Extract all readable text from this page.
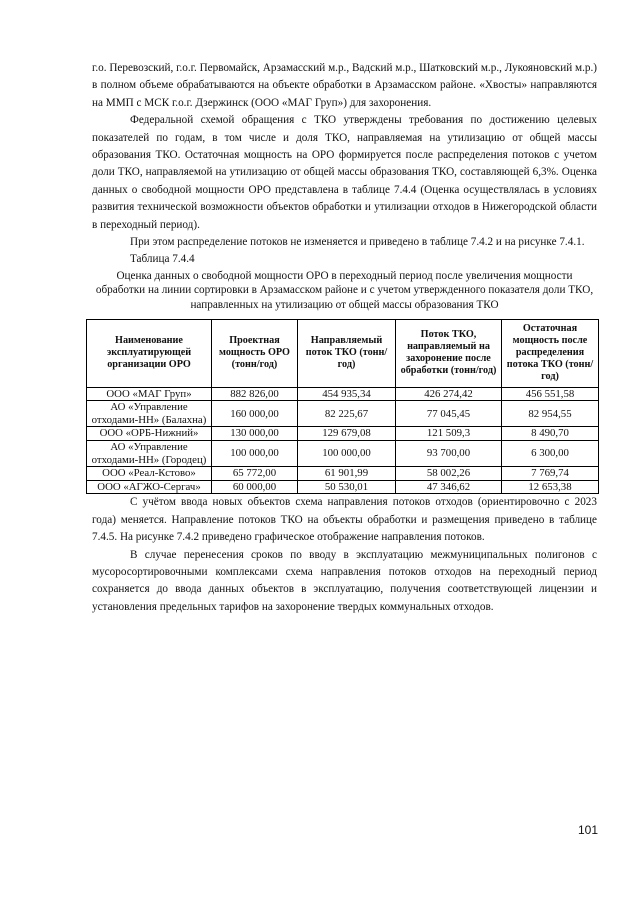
г.о. Перевозский, г.о.г. Первомайск, Арзамасский м.р., Вадский м.р., Шатковский м.р., Лукояновский м.р.) в полном объеме обрабатываются на объекте обработки в Арзамасском районе. «Хвосты» направляются на ММП с МСК г.о.г. Дзержинск (ООО «МАГ Груп») для захоронения.

Федеральной схемой обращения с ТКО утверждены требования по достижению целевых показателей по годам, в том числе и доля ТКО, направляемая на утилизацию от общей массы образования ТКО. Остаточная мощность на ОРО формируется после распределения потоков с учетом доли ТКО, направляемой на утилизацию от общей массы образования ТКО, составляющей 6,3%. Оценка данных о свободной мощности ОРО представлена в таблице 7.4.4 (Оценка осуществлялась в условиях развития технической возможности объектов обработки и утилизации отходов в Нижегородской области в переходный период).

При этом распределение потоков не изменяется и приведено в таблице 7.4.2 и на рисунке 7.4.1.

Таблица 7.4.4

Оценка данных о свободной мощности ОРО в переходный период после увеличения мощности обработки на линии сортировки в Арзамасском районе и с учетом утвержденного показателя доли ТКО, направленных на утилизацию от общей массы образования ТКО

Наименование эксплуатирующей организации ОРО	Проектная мощность ОРО (тонн/год)	Направляемый поток ТКО (тонн/год)	Поток ТКО, направляемый на захоронение после обработки (тонн/год)	Остаточная мощность после распределения потока ТКО (тонн/год)
ООО «МАГ Груп»	882 826,00	454 935,34	426 274,42	456 551,58
АО «Управление отходами-НН» (Балахна)	160 000,00	82 225,67	77 045,45	82 954,55
ООО «ОРБ-Нижний»	130 000,00	129 679,08	121 509,3	8 490,70
АО «Управление отходами-НН» (Городец)	100 000,00	100 000,00	93 700,00	6 300,00
ООО «Реал-Кстово»	65 772,00	61 901,99	58 002,26	7 769,74
ООО «АГЖО-Сергач»	60 000,00	50 530,01	47 346,62	12 653,38

С учётом ввода новых объектов схема направления потоков отходов (ориентировочно с 2023 года) меняется. Направление потоков ТКО на объекты обработки и размещения приведено в таблице 7.4.5. На рисунке 7.4.2 приведено графическое отображение направления потоков.

В случае перенесения сроков по вводу в эксплуатацию межмуниципальных полигонов с мусоросортировочными комплексами схема направления потоков отходов на переходный период сохраняется до ввода данных объектов в эксплуатацию, получения соответствующей лицензии и установления предельных тарифов на захоронение твердых коммунальных отходов.

101
